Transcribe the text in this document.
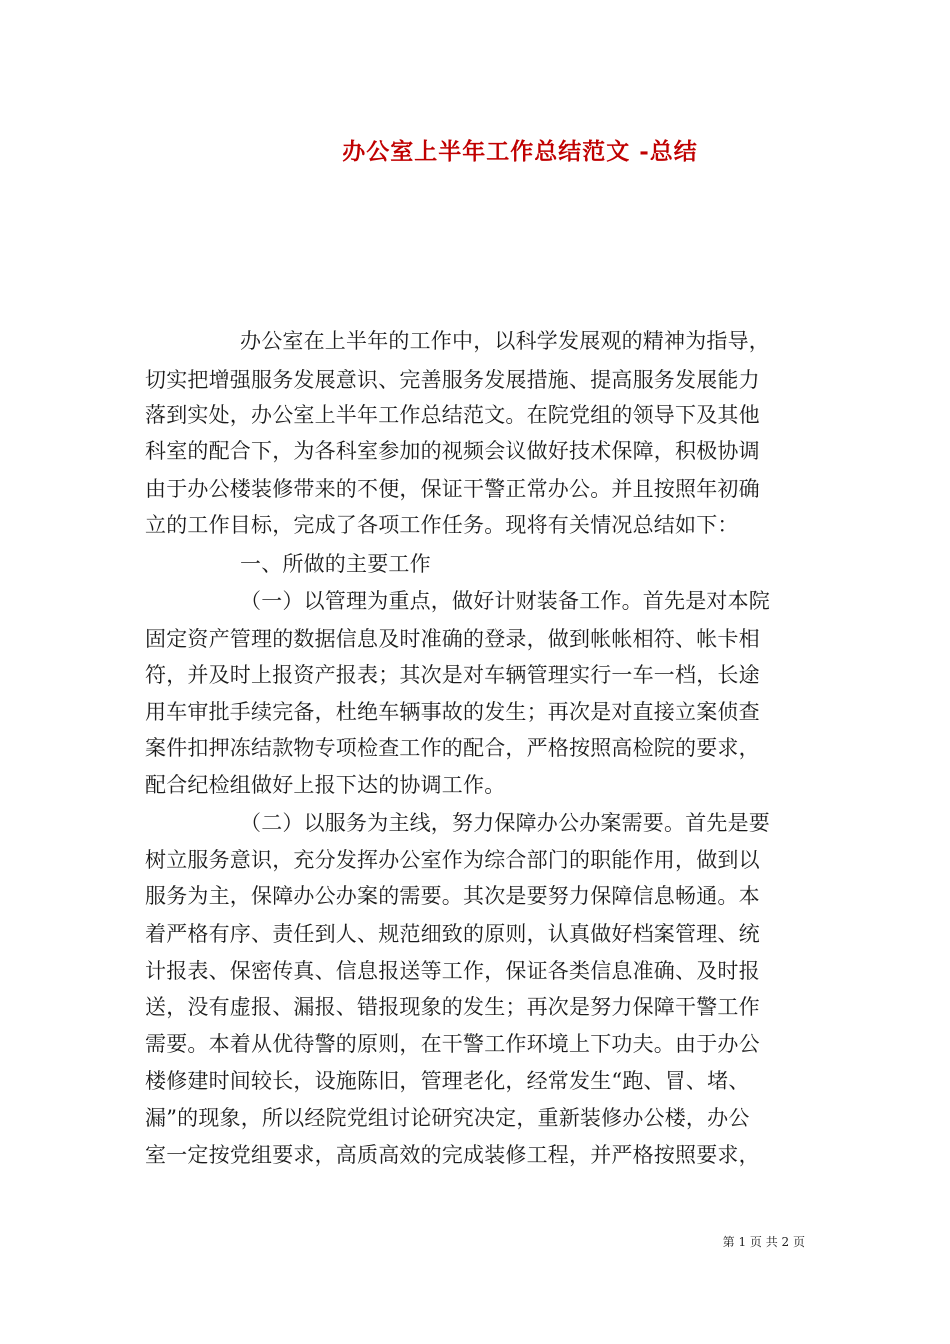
办公室上半年工作总结范文 -总结

办公室在上半年的工作中，以科学发展观的精神为指导，

切实把增强服务发展意识、完善服务发展措施、提高服务发展能力

落到实处，办公室上半年工作总结范文。在院党组的领导下及其他

科室的配合下，为各科室参加的视频会议做好技术保障，积极协调

由于办公楼装修带来的不便，保证干警正常办公。并且按照年初确

立的工作目标，完成了各项工作任务。现将有关情况总结如下：

一、所做的主要工作

（一）以管理为重点，做好计财装备工作。首先是对本院

固定资产管理的数据信息及时准确的登录，做到帐帐相符、帐卡相

符，并及时上报资产报表；其次是对车辆管理实行一车一档，长途

用车审批手续完备，杜绝车辆事故的发生；再次是对直接立案侦查

案件扣押冻结款物专项检查工作的配合，严格按照高检院的要求，

配合纪检组做好上报下达的协调工作。

（二）以服务为主线，努力保障办公办案需要。首先是要

树立服务意识，充分发挥办公室作为综合部门的职能作用，做到以

服务为主，保障办公办案的需要。其次是要努力保障信息畅通。本

着严格有序、责任到人、规范细致的原则，认真做好档案管理、统

计报表、保密传真、信息报送等工作，保证各类信息准确、及时报

送，没有虚报、漏报、错报现象的发生；再次是努力保障干警工作

需要。本着从优待警的原则，在干警工作环境上下功夫。由于办公

楼修建时间较长，设施陈旧，管理老化，经常发生“跑、冒、堵、

漏”的现象，所以经院党组讨论研究决定，重新装修办公楼，办公

室一定按党组要求，高质高效的完成装修工程，并严格按照要求，

第 1 页 共 2 页
